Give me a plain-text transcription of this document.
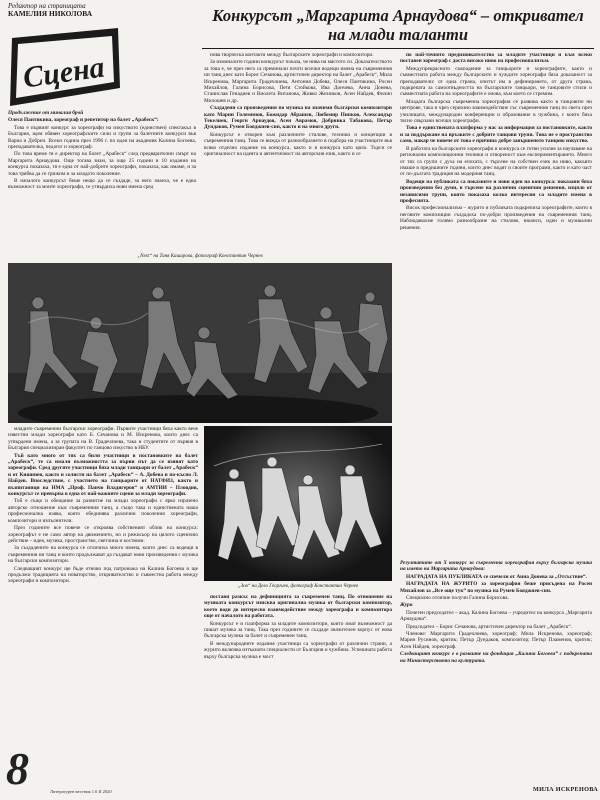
Редактор на страницата
КАМЕЛИЯ НИКОЛОВА
Сцена
Конкурсът „Маргарита Арнаудова“ – откривател на млади таланти

Продължение от миналия брой

Олеся Пантикина, хореограф и репетитор на балет „Арабеск“:

Това е първият конкурс за хореографи на изкуството (единствен) спектакъл в България, щом обявен хореографските сили и групи за балетните конкурси във Варна и Добрич. Всеки година през 1996 г. по идея на академик Калина Богоева, преподавателка, педагог и хореограф.

По това време тя е директор на балет „Арабеск“ след предварителни смърт на Маргарита Арнаудова. Още тогава знам, за още 25 години в 10 издания на конкурса показаха, тя е една от най-добрите хореографи, показаха, как имаме, и за това трябва да се грижим и за младото поколение.

В началото конкурсът беше нещо да се създаде, за него знаеха, че е една възможност за моите хореографи, се утвърдиха нови имена сред

нова творческа контакти между българските хореографи и композитори.

За изминалите години конкурсът показа, че нива на мястото си. Доказателството за това е, че през него са преминали почти всички водещи имена на съвременния ни танц днес като Борис Сечанова, артистичен директор на балет „Арабеск“, Мила Искренова, Маргарита Градечлиева, Антония Добева, Олеся Пантикина, Росен Михайлов, Галина Борисова, Петя Стойкова, Ива Дончева, Анна Донева, Станислав Генадиев и Виолета Витанова, Живко Желязков, Асен Найдев, Филип Милошев и др.

Създадени са произведения по музика на значими български композитори като Марин Големинов, Божидар Абрашев, Любомир Пипков, Александър Текелиев, Георги Арнаудов, Асен Аврамов, Добринка Табакова, Петър Дундаков, Румен Бояджиев-син, както и на много други.

Конкурсът е отворен към различните стилове, техники и концепции в съвременния танц. Това се вижда от разнообразието в подбора на участниците във всяко отделно издание на конкурса, както и в конкурса като цяло. Търси се оригиналност на идеята и автентичност на авторския език, както и се

по най-точното предизвикателство за младите участници и към всеки поставен хореограф с доста високо ниво на професионализъм.

Междупрекрасното съвпадение за танцьорите и хореографите, както и съвместната работа между българските и чуждите хореографи бяха доказаност за преподаватели: от една страна, опитът им в дефинирането, от друга страна, подкрепата за самоотвъдността на българските танцьори, че танцовите стили и съвместната работа на хореографите е онова, към което се стремим.

Младата българска съвременна хореография се развива както в танцовите ни центрове, така и чрез сериозно взаимодействие със съвременния танц по света през училищата, международни конференции и образование в чужбина, с които бяха тясно свързани всички хореографи.

Това е единствената платформа у нас за информация за постановките, както и за поддържане на връзките с добрите танцови трупи. Това не е пространство само, макар че повече от това е причина добре завършеното танцово изкуство.

В работата на българските хореографи и конкурса се готви усилие за научаване на регионални композиционни техники и отвореност към експериментирането. Много от тях са групи с духа на епохата, с търсене на собствен език на ниво, какъвто имаше в предишните години, които днес водят и своите програми, както и като част от по-дългата традиция на модерния танц.

Водещи на публиката са показните и нови идеи на конкурса: показани бяха произведения без думи, в търсене на различни сценични решения, изцяло от независими трупи, които показаха колко интересни са младите имена в професията.

Висок професионализъм – журито и публиката подкрепиха хореографите, които в неговите композиции създадоха по-добри произведения на съвременния танц. Наблюдавахме голямо разнообразие на стилове, нюанси, идеи и музикални решения.

„Next“ на Таня Кашарова, фотограф Константин Чернев

младите съвременни български хореографи. Първите участници бяха както вече известни млади хореографи като Б. Сечанова и М. Искренова, които днес са утвърдени имена, а за групата на В. Градечлиева, така и студентите от първия в България специализиран факултет по танцово изкуство в НБУ.

Тъй като много от тях са били участници в постановките на балет „Арабеск“, те са имали възможността за първи път да се изявят като хореографи. Сред другите участници бяха млади танцьори от балет „Арабеск“ и от Кишинев, както и солисти на балет „Арабеск“ – А. Добева и по-късно Л. Найдев. Впоследствие, с участието на танцьорите от НАТФИЗ, както и възпитаници на НМА „Проф. Панчо Владигеров“ и АМТИИ – Пловдив, конкурсът се превърна в една от най-важните сцени за млади хореографи.

Той е също и обещание за развитие на млади хореографи с ярко изразено авторско отношение към съвременния танц, а също така и единствената наша професионална изява, която обединява различни поколения хореографи, композитори и изпълнители.

През годините все повече се откроява собственият облик на конкурса: хореографът е не само автор на движението, но и режисьор на цялото сценично действие – идея, музика, пространство, светлина и костюми.

За създадените на конкурса се отличиха много имена, които днес са водещи в съвременния ни танц и които продължават да създават нови произведения с музика на български композитори.

Следващият конкурс ще бъде отново под патронажа на Калина Богоева и ще продължи традицията на новаторство, откривателство и съвместна работа между хореографи и композитори.

„Зов“ на Дело Георгиев, фотограф Константин Чернев

постави разкъс на дефиницията за съвременен танц. По отношение на музиката конкурсът изисква оригинална музика от български композитор, което води до интересно взаимодействие между хореографа и композитора още от началото на работата.

Конкурсът е и платформа за младите композитори, които имат възможност да пишат музика за танц. Така през годините се създаде значителен корпус от нова българска музика за балет и съвременен танц.

В международните издания участници са хореографи от различни страни, а журито включва изтъкнати специалисти от България и чужбина. Успешната работа върху българска музика е мост

Резултатите от Х конкурс за съвременна хореография върху българска музика на името на Маргарита Арнаудова:

НАГРАДАТА НА ПУБЛИКАТА се спечели от Анна Донева за „Отсъствие“.

НАГРАДАТА НА ЖУРИТО за хореография беше присъдена на Росен Михайлов за „Все още тук“ по музика на Румен Бояджиев-син.

Специално отличие получи Галина Борисова.

Жури

Почетен председател – акад. Калина Богоева – учредител на конкурса „Маргарита Арнаудова“.

Председател – Борис Сечанова, артистичен директор на балет „Арабеск“.

Членове: Маргарита Градечлиева, хореограф; Мила Искренова, хореограф; Марин Русинов, критик; Петър Дундаков, композитор; Петър Пламенов, критик; Асен Найдев, хореограф.

Следващият конкурс е в рамките на фондация „Калина Богоева“ с подкрепата на Министерството на културата.

8	Литературен вестник 1.6 II 2020	МИЛА ИСКРЕНОВА
